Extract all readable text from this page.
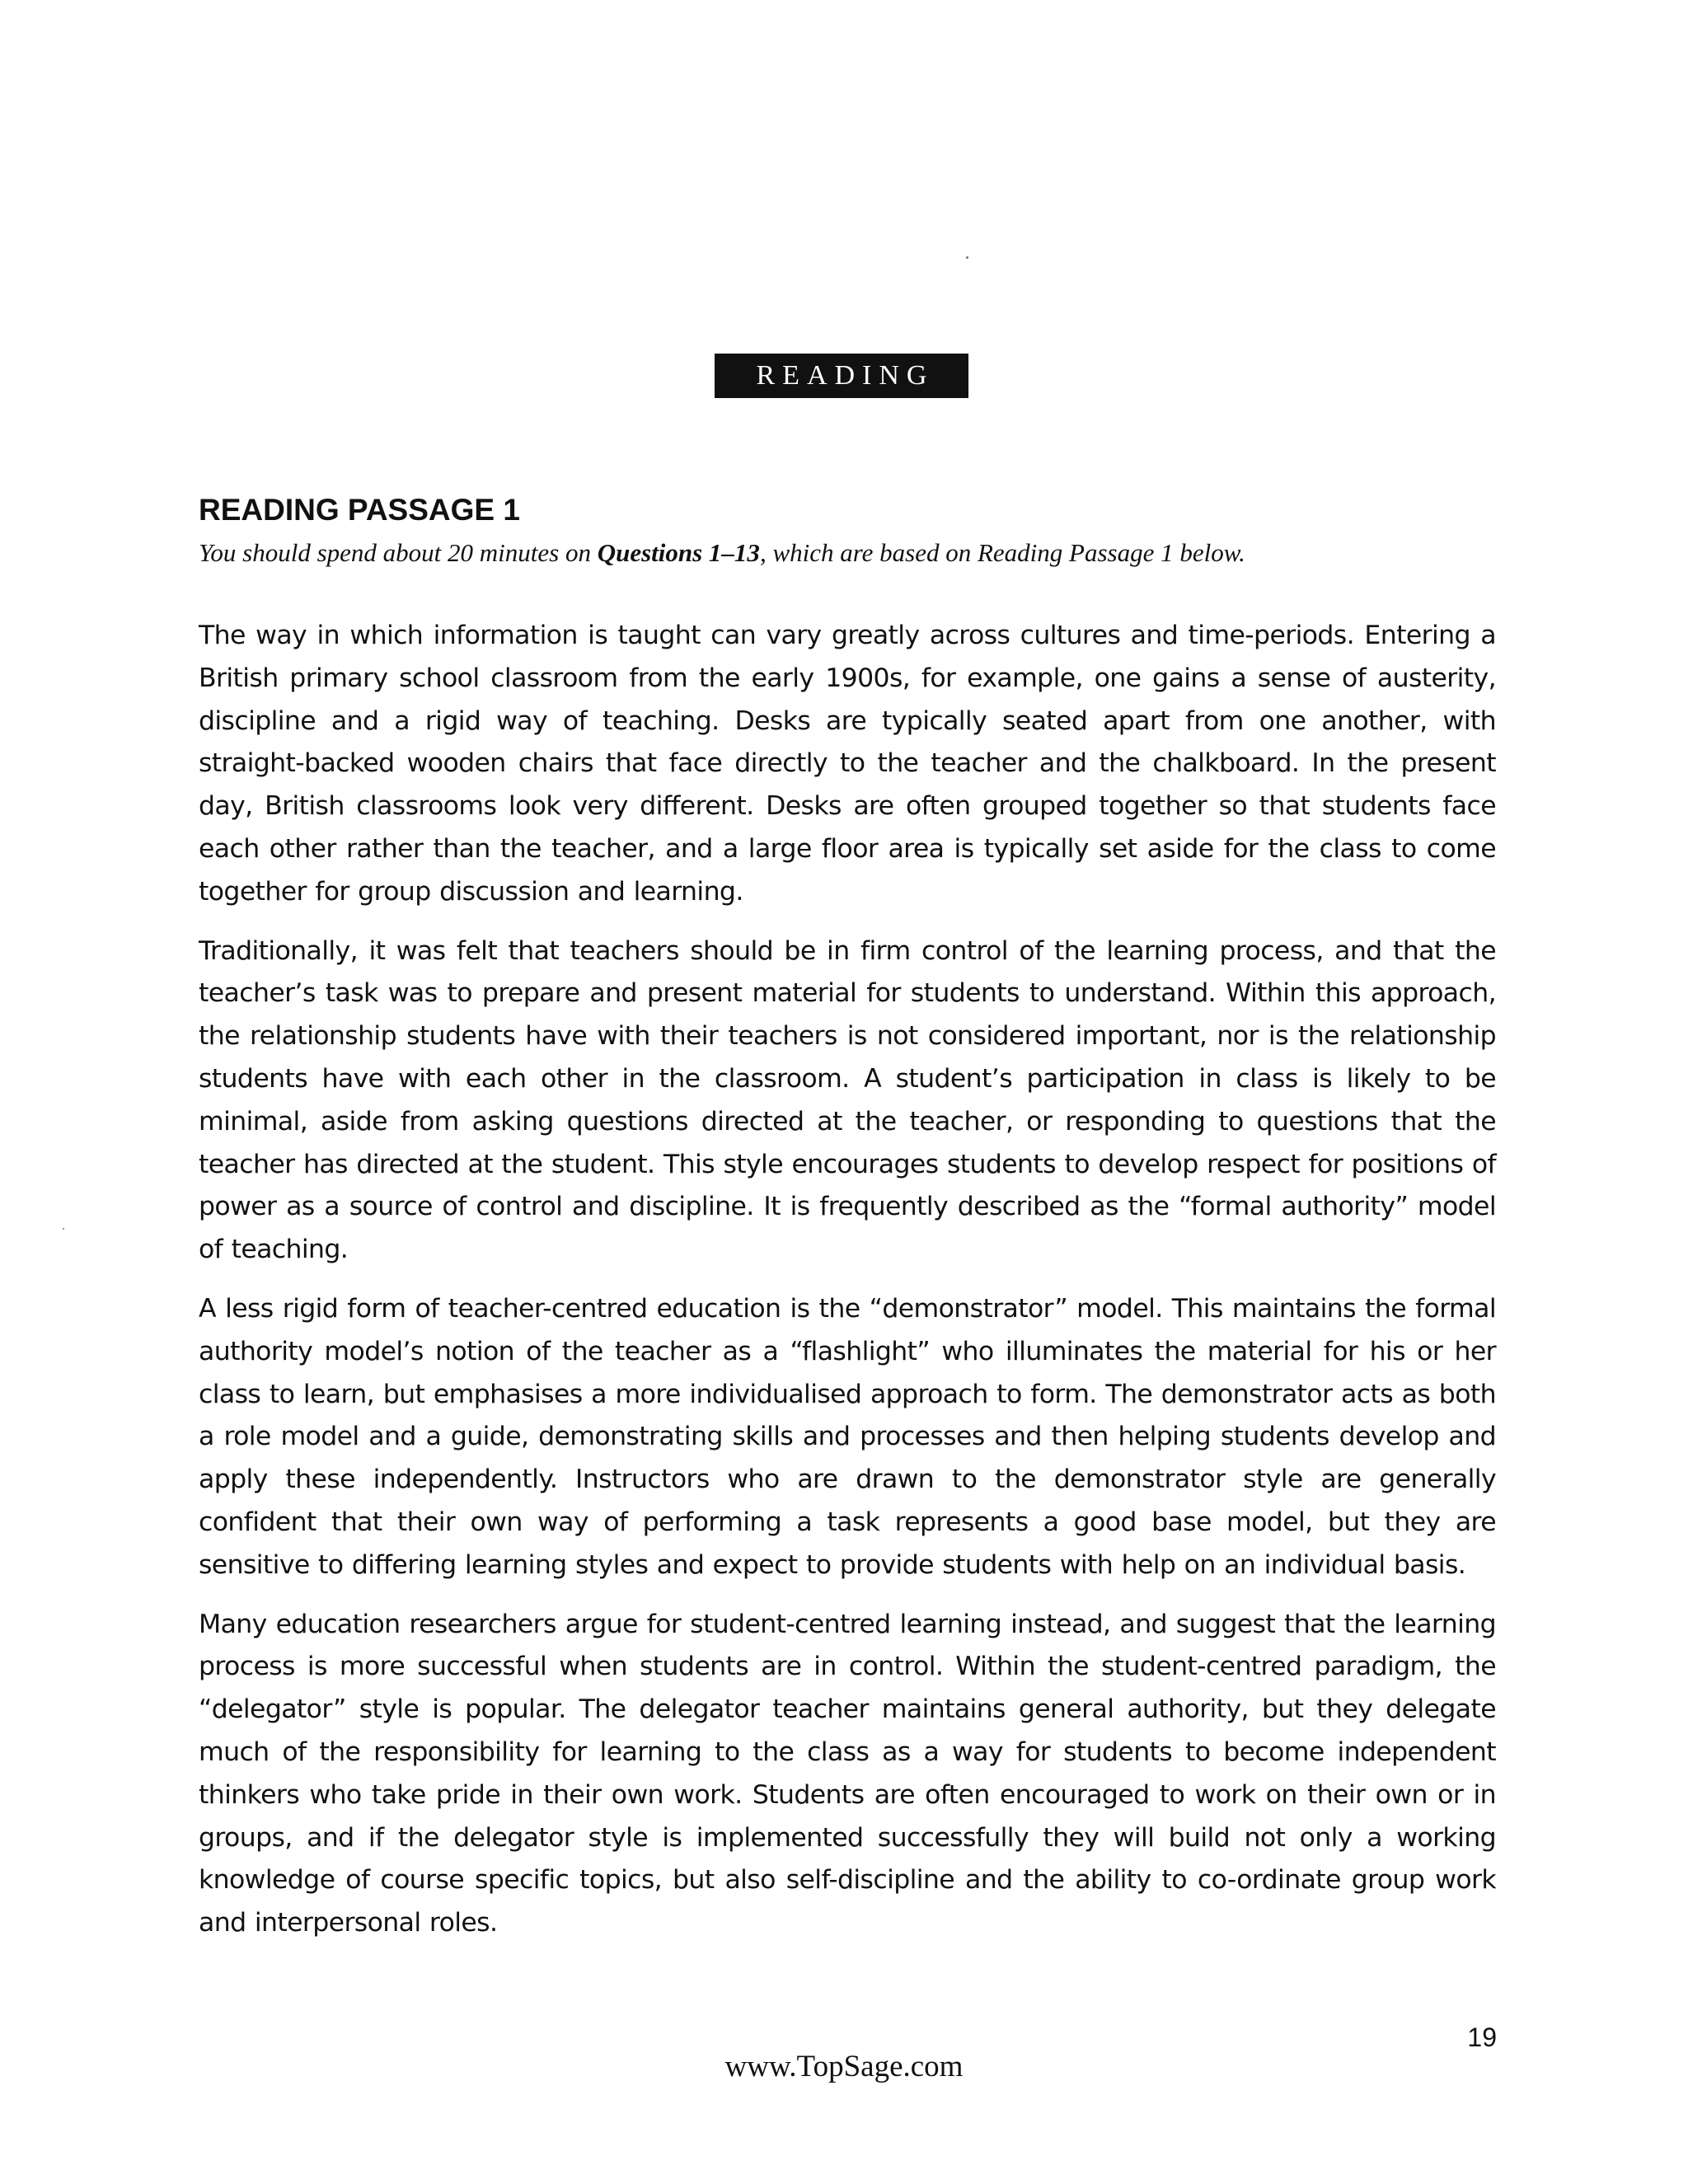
READING
READING PASSAGE 1

You should spend about 20 minutes on Questions 1–13, which are based on Reading Passage 1 below.

The way in which information is taught can vary greatly across cultures and time-periods. Entering a British primary school classroom from the early 1900s, for example, one gains a sense of austerity, discipline and a rigid way of teaching. Desks are typically seated apart from one another, with straight-backed wooden chairs that face directly to the teacher and the chalkboard. In the present day, British classrooms look very different. Desks are often grouped together so that students face each other rather than the teacher, and a large floor area is typically set aside for the class to come together for group discussion and learning.

Traditionally, it was felt that teachers should be in firm control of the learning process, and that the teacher’s task was to prepare and present material for students to understand. Within this approach, the relationship students have with their teachers is not considered important, nor is the relationship students have with each other in the classroom. A student’s participation in class is likely to be minimal, aside from asking questions directed at the teacher, or responding to questions that the teacher has directed at the student. This style encourages students to develop respect for positions of power as a source of control and discipline. It is frequently described as the “formal authority” model of teaching.

A less rigid form of teacher-centred education is the “demonstrator” model. This maintains the formal authority model’s notion of the teacher as a “flashlight” who illuminates the material for his or her class to learn, but emphasises a more individualised approach to form. The demonstrator acts as both a role model and a guide, demonstrating skills and processes and then helping students develop and apply these independently. Instructors who are drawn to the demonstrator style are generally confident that their own way of performing a task represents a good base model, but they are sensitive to differing learning styles and expect to provide students with help on an individual basis.

Many education researchers argue for student-centred learning instead, and suggest that the learning process is more successful when students are in control. Within the student-centred paradigm, the “delegator” style is popular. The delegator teacher maintains general authority, but they delegate much of the responsibility for learning to the class as a way for students to become independent thinkers who take pride in their own work. Students are often encouraged to work on their own or in groups, and if the delegator style is implemented successfully they will build not only a working knowledge of course specific topics, but also self-discipline and the ability to co-ordinate group work and interpersonal roles.

19
www.TopSage.com
